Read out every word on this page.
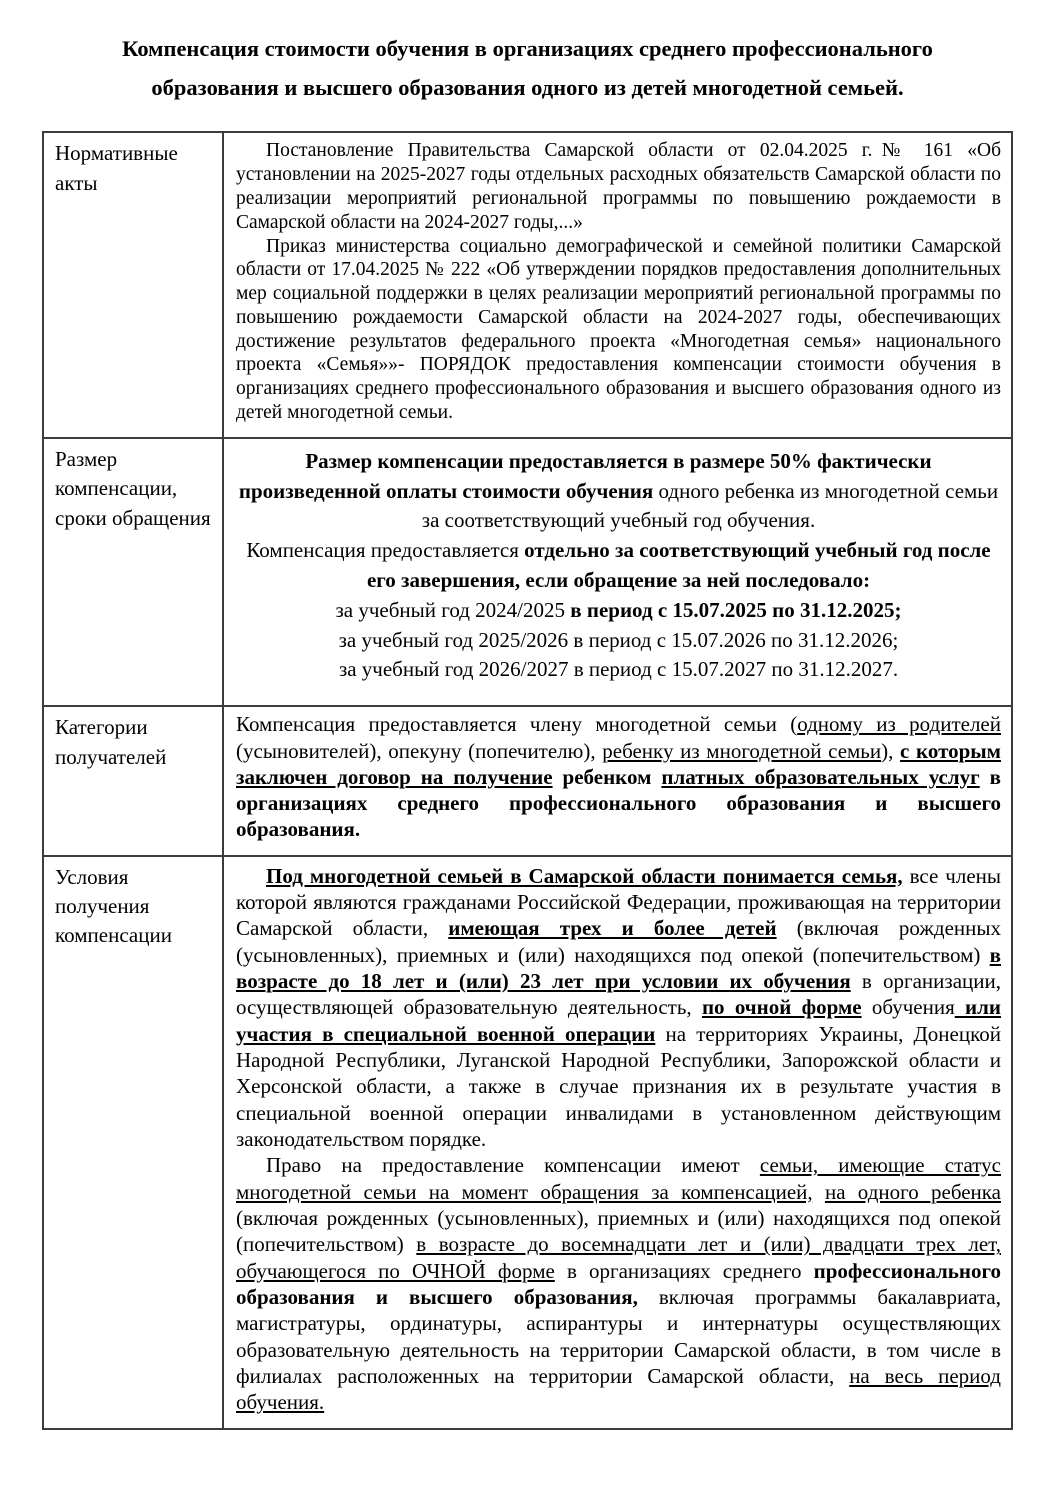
Компенсация стоимости обучения в организациях среднего профессионального образования и высшего образования одного из детей многодетной семьей.
Нормативные акты	Постановление Правительства Самарской области от 02.04.2025 г.№ 161 «Об установлении на 2025-2027 годы отдельных расходных обязательств Самарской области по реализации мероприятий региональной программы по повышению рождаемости в Самарской области на 2024-2027 годы,...»

Приказ министерства социально демографической и семейной политики Самарской области от 17.04.2025 № 222 «Об утверждении порядков предоставления дополнительных мер социальной поддержки в целях реализации мероприятий региональной программы по повышению рождаемости Самарской области на 2024-2027 годы, обеспечивающих достижение результатов федерального проекта «Многодетная семья» национального проекта «Семья»»- ПОРЯДОК предоставления компенсации стоимости обучения в организациях среднего профессионального образования и высшего образования одного из детей многодетной семьи.

Размер компенсации, сроки обращения	Размер компенсации предоставляется в размере 50% фактически произведенной оплаты стоимости обучения одного ребенка из многодетной семьи за соответствующий учебный год обучения.

Компенсация предоставляется отдельно за соответствующий учебный год после его завершения, если обращение за ней последовало:

за учебный год 2024/2025 в период с 15.07.2025 по 31.12.2025;

за учебный год 2025/2026 в период с 15.07.2026 по 31.12.2026;

за учебный год 2026/2027 в период с 15.07.2027 по 31.12.2027.

Категории получателей	Компенсация предоставляется члену многодетной семьи (одному из родителей (усыновителей), опекуну (попечителю), ребенку из многодетной семьи), с которым заключен договор на получение ребенком платных образовательных услуг в организациях среднего профессионального образования и высшего образования.

Условия получения компенсации	Под многодетной семьей в Самарской области понимается семья, все члены которой являются гражданами Российской Федерации, проживающая на территории Самарской области, имеющая трех и более детей (включая рожденных (усыновленных), приемных и (или) находящихся под опекой (попечительством) в возрасте до 18 лет и (или) 23 лет при условии их обучения в организации, осуществляющей образовательную деятельность, по очной форме обучения или участия в специальной военной операции на территориях Украины, Донецкой Народной Республики, Луганской Народной Республики, Запорожской области и Херсонской области, а также в случае признания их в результате участия в специальной военной операции инвалидами в установленном действующим законодательством порядке.

Право на предоставление компенсации имеют семьи, имеющие статус многодетной семьи на момент обращения за компенсацией, на одного ребенка (включая рожденных (усыновленных), приемных и (или) находящихся под опекой (попечительством) в возрасте до восемнадцати лет и (или) двадцати трех лет, обучающегося по ОЧНОЙ форме в организациях среднего профессионального образования и высшего образования, включая программы бакалавриата, магистратуры, ординатуры, аспирантуры и интернатуры осуществляющих образовательную деятельность на территории Самарской области, в том числе в филиалах расположенных на территории Самарской области, на весь период обучения.
